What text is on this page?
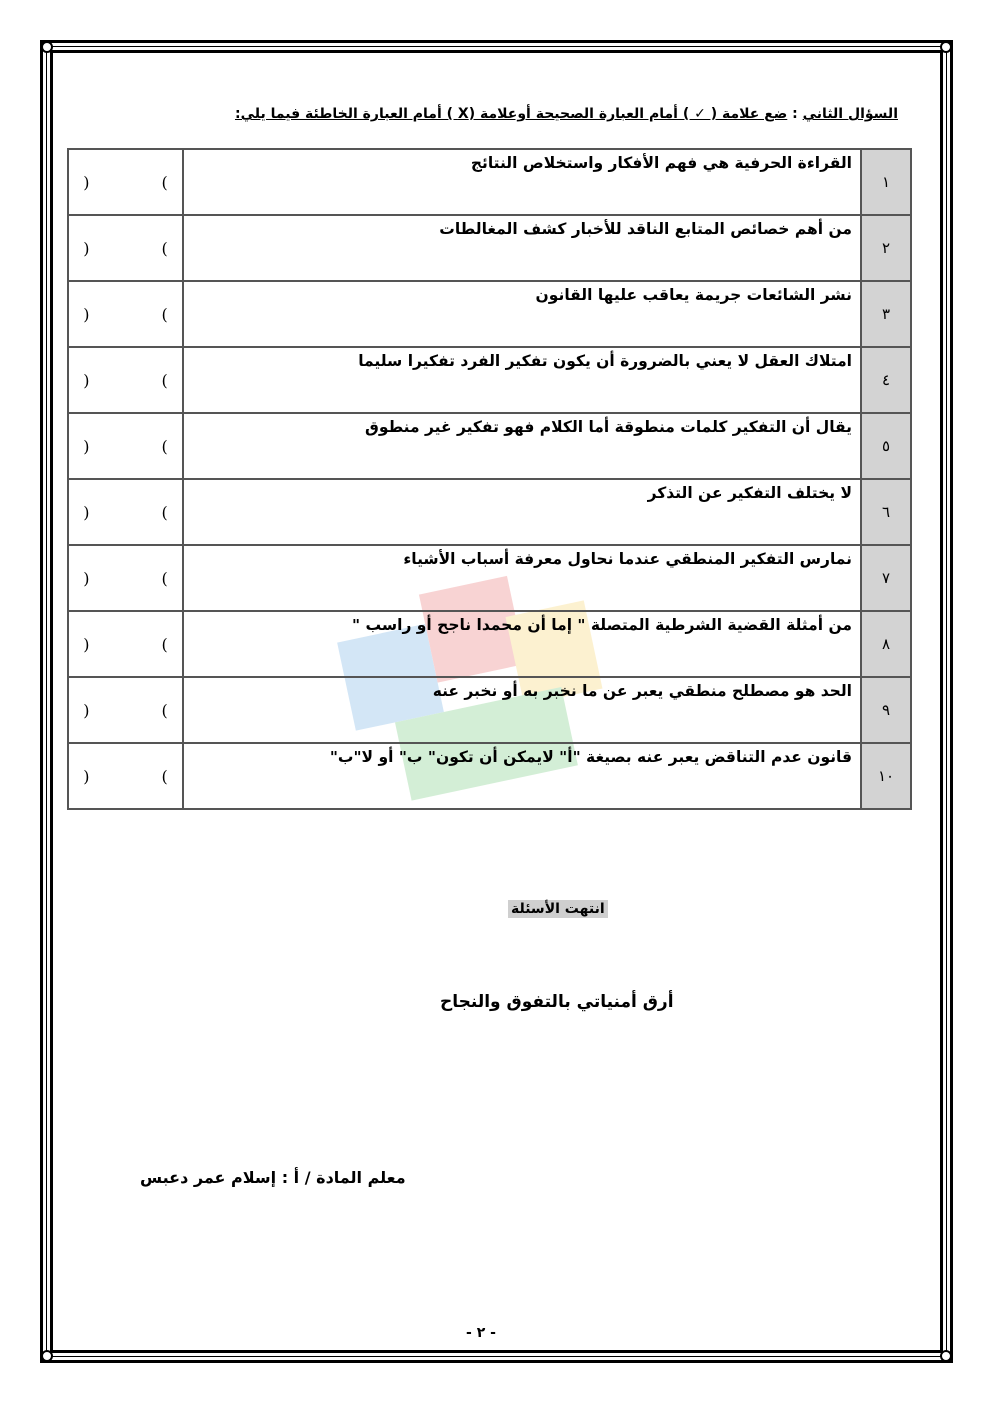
السؤال الثاني : ضع علامة ( ✓ ) أمام العبارة الصحيحة أوعلامة (X ) أمام العبارة الخاطئة فيما يلي:
١	القراءة الحرفية هي فهم الأفكار واستخلاص النتائج	) (
٢	من أهم خصائص المتابع الناقد للأخبار كشف المغالطات	) (
٣	نشر الشائعات جريمة يعاقب عليها القانون	) (
٤	امتلاك العقل لا يعني بالضرورة أن يكون تفكير الفرد تفكيرا سليما	) (
٥	يقال أن التفكير كلمات منطوقة أما الكلام فهو تفكير غير منطوق	) (
٦	لا يختلف التفكير عن التذكر	) (
٧	نمارس التفكير المنطقي عندما نحاول معرفة أسباب الأشياء	) (
٨	من أمثلة القضية الشرطية المتصلة " إما أن محمدا ناجح أو راسب "	) (
٩	الحد هو مصطلح منطقي يعبر عن ما نخبر به أو نخبر عنه	) (
١٠	قانون عدم التناقض يعبر عنه بصيغة "أ" لايمكن أن تكون" ب" أو لا"ب"	) (
انتهت الأسئلة
أرق أمنياتي بالتفوق والنجاح
معلم المادة / أ : إسلام عمر دعبس
- ٢ -
